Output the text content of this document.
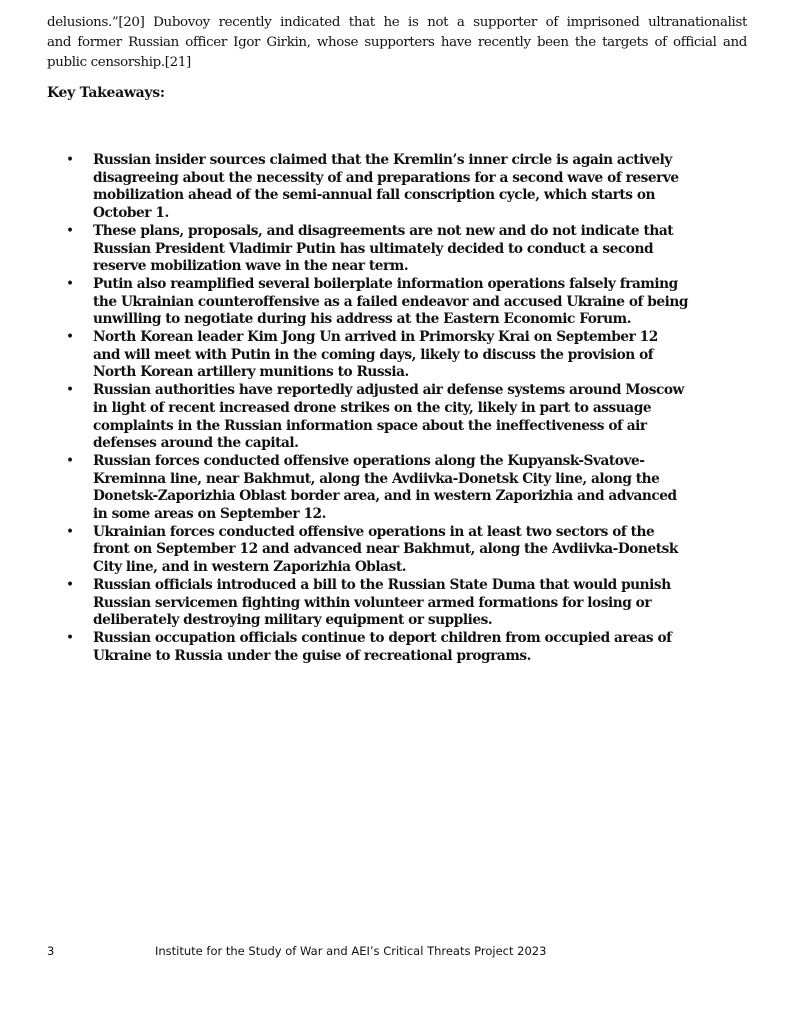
delusions.”[20] Dubovoy recently indicated that he is not a supporter of imprisoned ultranationalist
and former Russian officer Igor Girkin, whose supporters have recently been the targets of official and
public censorship.[21]
Key Takeaways:
• Russian insider sources claimed that the Kremlin’s inner circle is again actively
disagreeing about the necessity of and preparations for a second wave of reserve
mobilization ahead of the semi-annual fall conscription cycle, which starts on
October 1.
• These plans, proposals, and disagreements are not new and do not indicate that
Russian President Vladimir Putin has ultimately decided to conduct a second
reserve mobilization wave in the near term.
• Putin also reamplified several boilerplate information operations falsely framing
the Ukrainian counteroffensive as a failed endeavor and accused Ukraine of being
unwilling to negotiate during his address at the Eastern Economic Forum.
• North Korean leader Kim Jong Un arrived in Primorsky Krai on September 12
and will meet with Putin in the coming days, likely to discuss the provision of
North Korean artillery munitions to Russia.
• Russian authorities have reportedly adjusted air defense systems around Moscow
in light of recent increased drone strikes on the city, likely in part to assuage
complaints in the Russian information space about the ineffectiveness of air
defenses around the capital.
• Russian forces conducted offensive operations along the Kupyansk-Svatove-
Kreminna line, near Bakhmut, along the Avdiivka-Donetsk City line, along the
Donetsk-Zaporizhia Oblast border area, and in western Zaporizhia and advanced
in some areas on September 12.
• Ukrainian forces conducted offensive operations in at least two sectors of the
front on September 12 and advanced near Bakhmut, along the Avdiivka-Donetsk
City line, and in western Zaporizhia Oblast.
• Russian officials introduced a bill to the Russian State Duma that would punish
Russian servicemen fighting within volunteer armed formations for losing or
deliberately destroying military equipment or supplies.
• Russian occupation officials continue to deport children from occupied areas of
Ukraine to Russia under the guise of recreational programs.
3	Institute for the Study of War and AEI’s Critical Threats Project 2023
